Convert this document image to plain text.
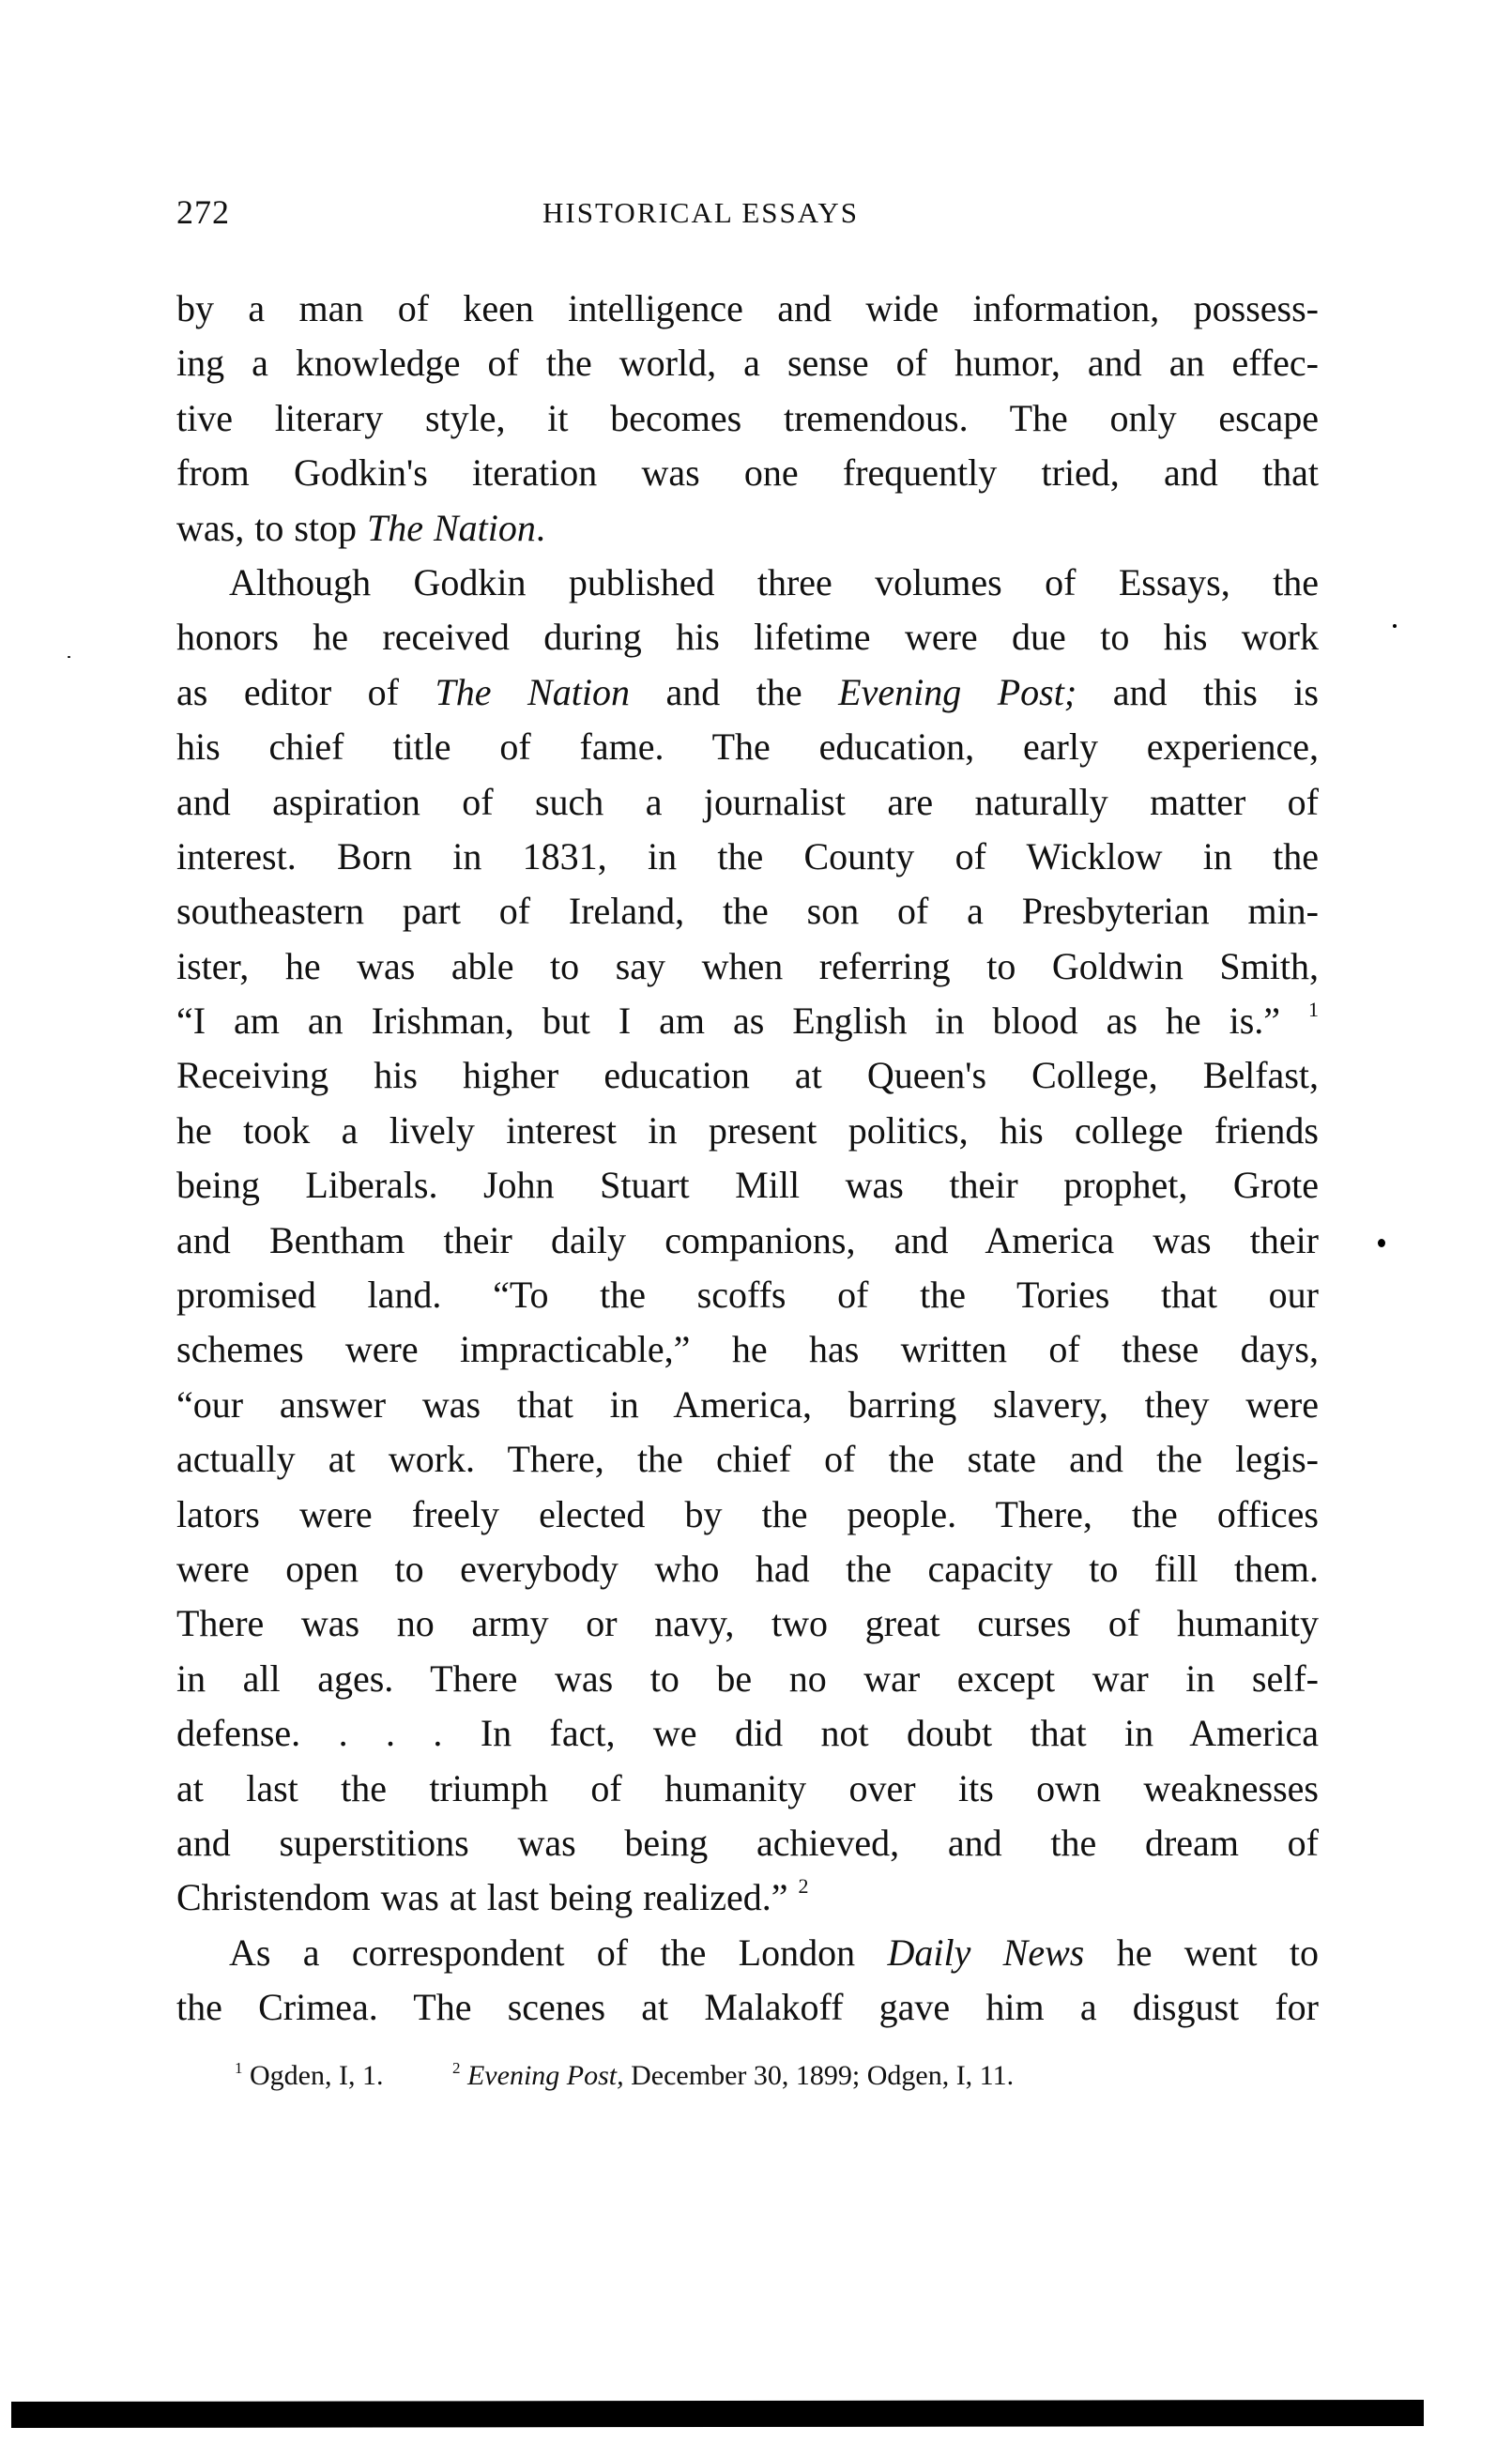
272	HISTORICAL ESSAYS
by a man of keen intelligence and wide information, possess-
ing a knowledge of the world, a sense of humor, and an effec-
tive literary style, it becomes tremendous. The only escape
from Godkin's iteration was one frequently tried, and that
was, to stop The Nation.
Although Godkin published three volumes of Essays, the
honors he received during his lifetime were due to his work
as editor of The Nation and the Evening Post; and this is
his chief title of fame. The education, early experience,
and aspiration of such a journalist are naturally matter of
interest. Born in 1831, in the County of Wicklow in the
southeastern part of Ireland, the son of a Presbyterian min-
ister, he was able to say when referring to Goldwin Smith,
“I am an Irishman, but I am as English in blood as he is.” $^1$
Receiving his higher education at Queen's College, Belfast,
he took a lively interest in present politics, his college friends
being Liberals. John Stuart Mill was their prophet, Grote
and Bentham their daily companions, and America was their
promised land. “To the scoffs of the Tories that our
schemes were impracticable,” he has written of these days,
“our answer was that in America, barring slavery, they were
actually at work. There, the chief of the state and the legis-
lators were freely elected by the people. There, the offices
were open to everybody who had the capacity to fill them.
There was no army or navy, two great curses of humanity
in all ages. There was to be no war except war in self-
defense. . . . In fact, we did not doubt that in America
at last the triumph of humanity over its own weaknesses
and superstitions was being achieved, and the dream of
Christendom was at last being realized.” $^2$
As a correspondent of the London Daily News he went to
the Crimea. The scenes at Malakoff gave him a disgust for
$^1$ Ogden, I, 1.	$^2$ Evening Post, December 30, 1899; Odgen, I, 11.
